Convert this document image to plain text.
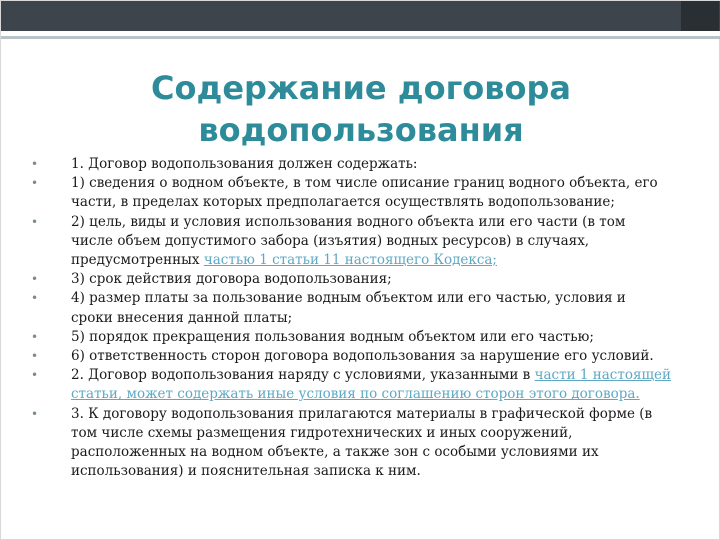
Содержание договора водопользования
• 1. Договор водопользования должен содержать:
• 1) сведения о водном объекте, в том числе описание границ водного объекта, его части, в пределах которых предполагается осуществлять водопользование;
• 2) цель, виды и условия использования водного объекта или его части (в том числе объем допустимого забора (изъятия) водных ресурсов) в случаях, предусмотренных частью 1 статьи 11 настоящего Кодекса;
• 3) срок действия договора водопользования;
• 4) размер платы за пользование водным объектом или его частью, условия и сроки внесения данной платы;
• 5) порядок прекращения пользования водным объектом или его частью;
• 6) ответственность сторон договора водопользования за нарушение его условий.
• 2. Договор водопользования наряду с условиями, указанными в части 1 настоящей статьи, может содержать иные условия по соглашению сторон этого договора.
• 3. К договору водопользования прилагаются материалы в графической форме (в том числе схемы размещения гидротехнических и иных сооружений, расположенных на водном объекте, а также зон с особыми условиями их использования) и пояснительная записка к ним.
